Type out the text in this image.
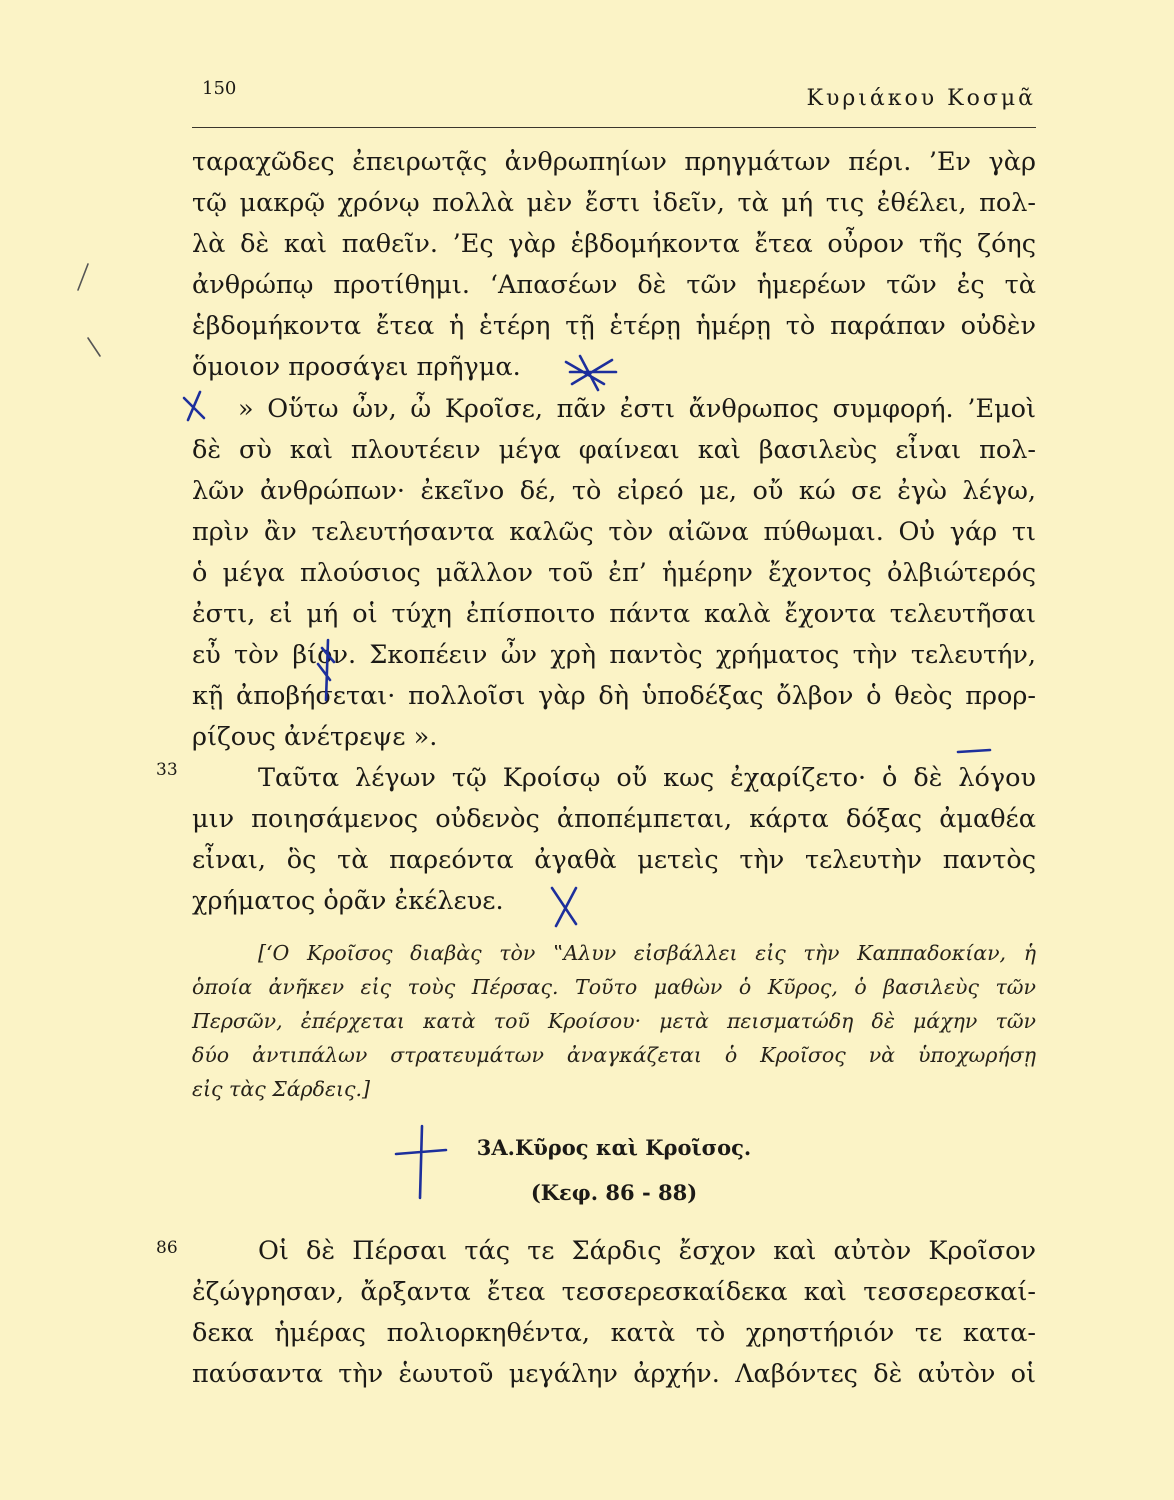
150	Κυριάκου Κοσμᾶ
ταραχῶδες ἐπειρωτᾷς ἀνθρωπηίων πρηγμάτων πέρι. ’Εν γὰρ
τῷ μακρῷ χρόνῳ πολλὰ μὲν ἔστι ἰδεῖν, τὰ μή τις ἐθέλει, πολ-
λὰ δὲ καὶ παθεῖν. ’Ες γὰρ ἑβδομήκοντα ἔτεα οὖρον τῆς ζόης
ἀνθρώπῳ προτίθημι. ‘Απασέων δὲ τῶν ἡμερέων τῶν ἐς τὰ
ἑβδομήκοντα ἔτεα ἡ ἑτέρη τῇ ἑτέρῃ ἡμέρῃ τὸ παράπαν οὐδὲν
ὅμοιον προσάγει πρῆγμα.
» Οὕτω ὦν, ὦ Κροῖσε, πᾶν ἐστι ἄνθρωπος συμφορή. ’Εμοὶ
δὲ σὺ καὶ πλουτέειν μέγα φαίνεαι καὶ βασιλεὺς εἶναι πολ-
λῶν ἀνθρώπων· ἐκεῖνο δέ, τὸ εἰρεό με, οὔ κώ σε ἐγὼ λέγω,
πρὶν ἂν τελευτήσαντα καλῶς τὸν αἰῶνα πύθωμαι. Οὐ γάρ τι
ὁ μέγα πλούσιος μᾶλλον τοῦ ἐπ’ ἡμέρην ἔχοντος ὀλβιώτερός
ἐστι, εἰ μή οἱ τύχη ἐπίσποιτο πάντα καλὰ ἔχοντα τελευτῆσαι
εὖ τὸν βίον. Σκοπέειν ὦν χρὴ παντὸς χρήματος τὴν τελευτήν,
κῇ ἀποβήσεται· πολλοῖσι γὰρ δὴ ὑποδέξας ὄλβον ὁ θεὸς προρ-
ρίζους ἀνέτρεψε ».
33	Ταῦτα λέγων τῷ Κροίσῳ οὔ κως ἐχαρίζετο· ὁ δὲ λόγου
μιν ποιησάμενος οὐδενὸς ἀποπέμπεται, κάρτα δόξας ἀμαθέα
εἶναι, ὃς τὰ παρεόντα ἀγαθὰ μετεὶς τὴν τελευτὴν παντὸς
χρήματος ὁρᾶν ἐκέλευε.
[‘Ο Κροῖσος διαβὰς τὸν ‟Αλυν εἰσβάλλει εἰς τὴν Καππαδοκίαν, ἡ
ὁποία ἀνῆκεν εἰς τοὺς Πέρσας. Τοῦτο μαθὼν ὁ Κῦρος, ὁ βασιλεὺς τῶν
Περσῶν, ἐπέρχεται κατὰ τοῦ Κροίσου· μετὰ πεισματώδη δὲ μάχην τῶν
δύο ἀντιπάλων στρατευμάτων ἀναγκάζεται ὁ Κροῖσος νὰ ὑποχωρήσῃ
εἰς τὰς Σάρδεις.]
3Α.Κῦρος καὶ Κροῖσος.
(Κεφ. 86 - 88)
86	Οἱ δὲ Πέρσαι τάς τε Σάρδις ἔσχον καὶ αὐτὸν Κροῖσον
ἐζώγρησαν, ἄρξαντα ἔτεα τεσσερεσκαίδεκα καὶ τεσσερεσκαί-
δεκα ἡμέρας πολιορκηθέντα, κατὰ τὸ χρηστήριόν τε κατα-
παύσαντα τὴν ἑωυτοῦ μεγάλην ἀρχήν. Λαβόντες δὲ αὐτὸν οἱ
